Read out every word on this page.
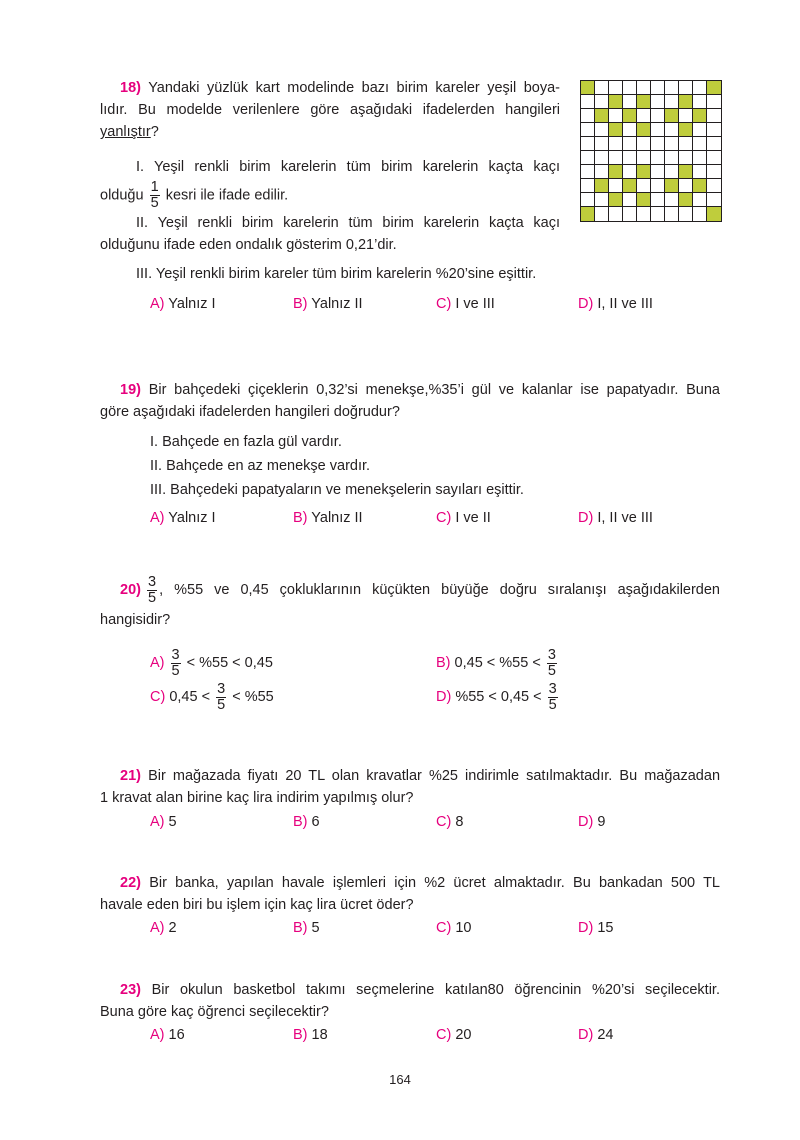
18) Yandaki yüzlük kart modelinde bazı birim kareler yeşil boya-
lıdır. Bu modelde verilenlere göre aşağıdaki ifadelerden hangileri
yanlıştır?
I. Yeşil renkli birim karelerin tüm birim karelerin kaçta kaçı
olduğu $\frac{1}{5}$ kesri ile ifade edilir.
II. Yeşil renkli birim karelerin tüm birim karelerin kaçta kaçı
olduğunu ifade eden ondalık gösterim 0,21’dir.
III. Yeşil renkli birim kareler tüm birim karelerin %20’sine eşittir.
A) Yalnız I	B) Yalnız II	C) I ve III	D) I, II ve III
19) Bir bahçedeki çiçeklerin 0,32’si menekşe,%35’i gül ve kalanlar ise papatyadır. Buna
göre aşağıdaki ifadelerden hangileri doğrudur?
I. Bahçede en fazla gül vardır.
II. Bahçede en az menekşe vardır.
III. Bahçedeki papatyaların ve menekşelerin sayıları eşittir.
A) Yalnız I	B) Yalnız II	C) I ve II	D) I, II ve III
20)
$\frac{3}{5}$ , %55 ve 0,45 çokluklarının küçükten büyüğe doğru sıralanışı aşağıdakilerden
hangisidir?
$A) \frac{3}{5} < \%55 < 0,45$	B) $0,45 < \%55 < \frac{3}{5}$
C) $0,45 < \frac{3}{5} < \%55$	D) $\%55 < 0,45 < \frac{3}{5}$
21) Bir mağazada fiyatı 20 TL olan kravatlar %25 indirimle satılmaktadır. Bu mağazadan
1 kravat alan birine kaç lira indirim yapılmış olur?
A) 5	B) 6	C) 8	D) 9
22) Bir banka, yapılan havale işlemleri için %2 ücret almaktadır. Bu bankadan 500 TL
havale eden biri bu işlem için kaç lira ücret öder?
A) 2	B) 5	C) 10	D) 15
23) Bir okulun basketbol takımı seçmelerine katılan80 öğrencinin %20’si seçilecektir.
Buna göre kaç öğrenci seçilecektir?
A) 16	B) 18	C) 20	D) 24
164
